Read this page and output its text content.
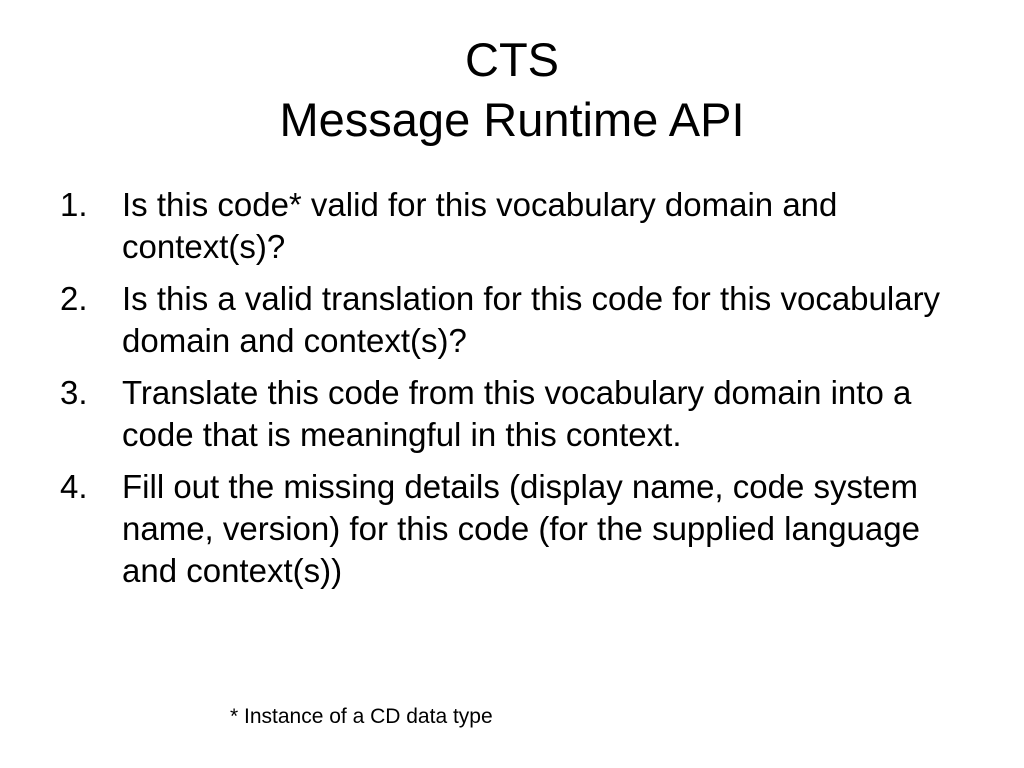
CTS
Message Runtime API
1. Is this code* valid for this vocabulary domain and context(s)?
2. Is this a valid translation for this code for this vocabulary domain and context(s)?
3. Translate this code from this vocabulary domain into a code that is meaningful in this context.
4. Fill out the missing details (display name, code system name, version) for this code (for the supplied language and context(s))
* Instance of a CD data type
